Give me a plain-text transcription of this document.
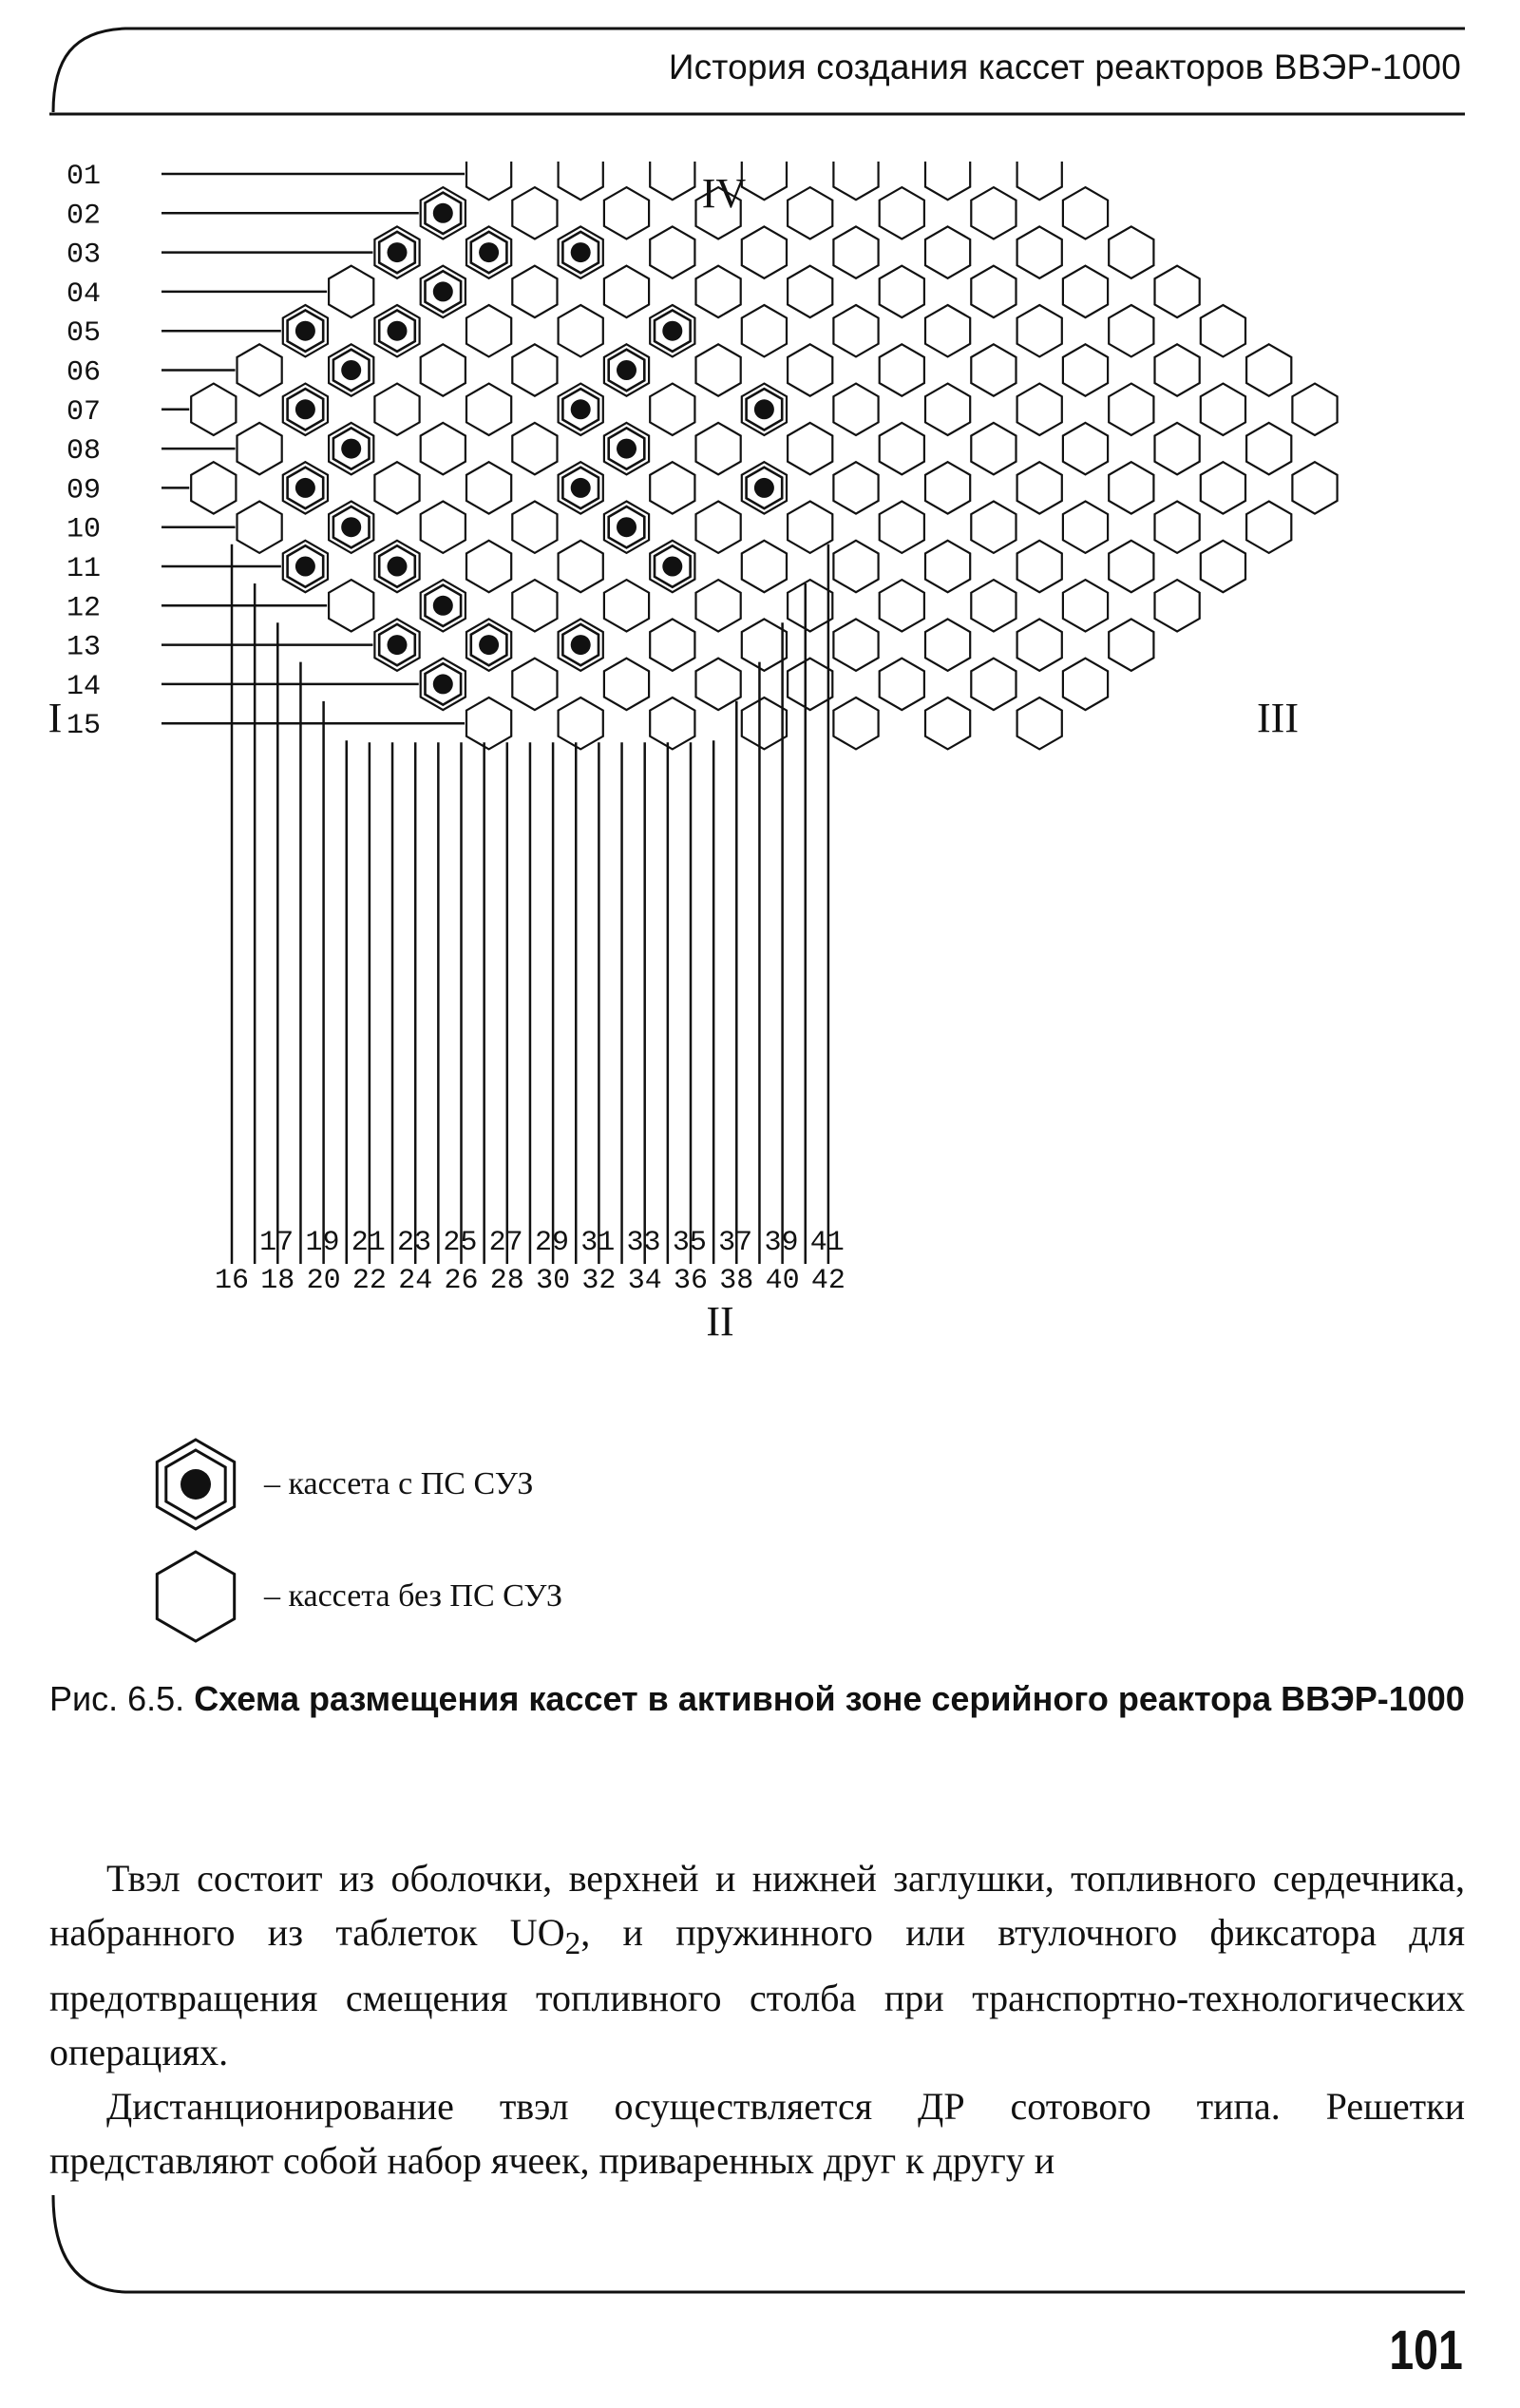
История создания кассет реакторов ВВЭР-1000
01
02
03
04
05
06
07
08
09
10
11
12
13
14
15
17 19 21 23 25 27 29 31 33 35 37 39 41
16 18 20 22 24 26 28 30 32 34 36 38 40 42
IV
I	III
II
– кассета с ПС СУЗ
– кассета без ПС СУЗ
Рис. 6.5. Схема размещения кассет в активной зоне серийного реактора ВВЭР-1000

Твэл состоит из оболочки, верхней и нижней заглушки, топливного сердечника, набранного из таблеток $UO_2$, и пружинного или втулочного фиксатора для предотвращения смещения топливного столба при транспортно-технологических операциях.

Дистанционирование твэл осуществляется ДР сотового типа. Решетки представляют собой набор ячеек, приваренных друг к другу и

101
